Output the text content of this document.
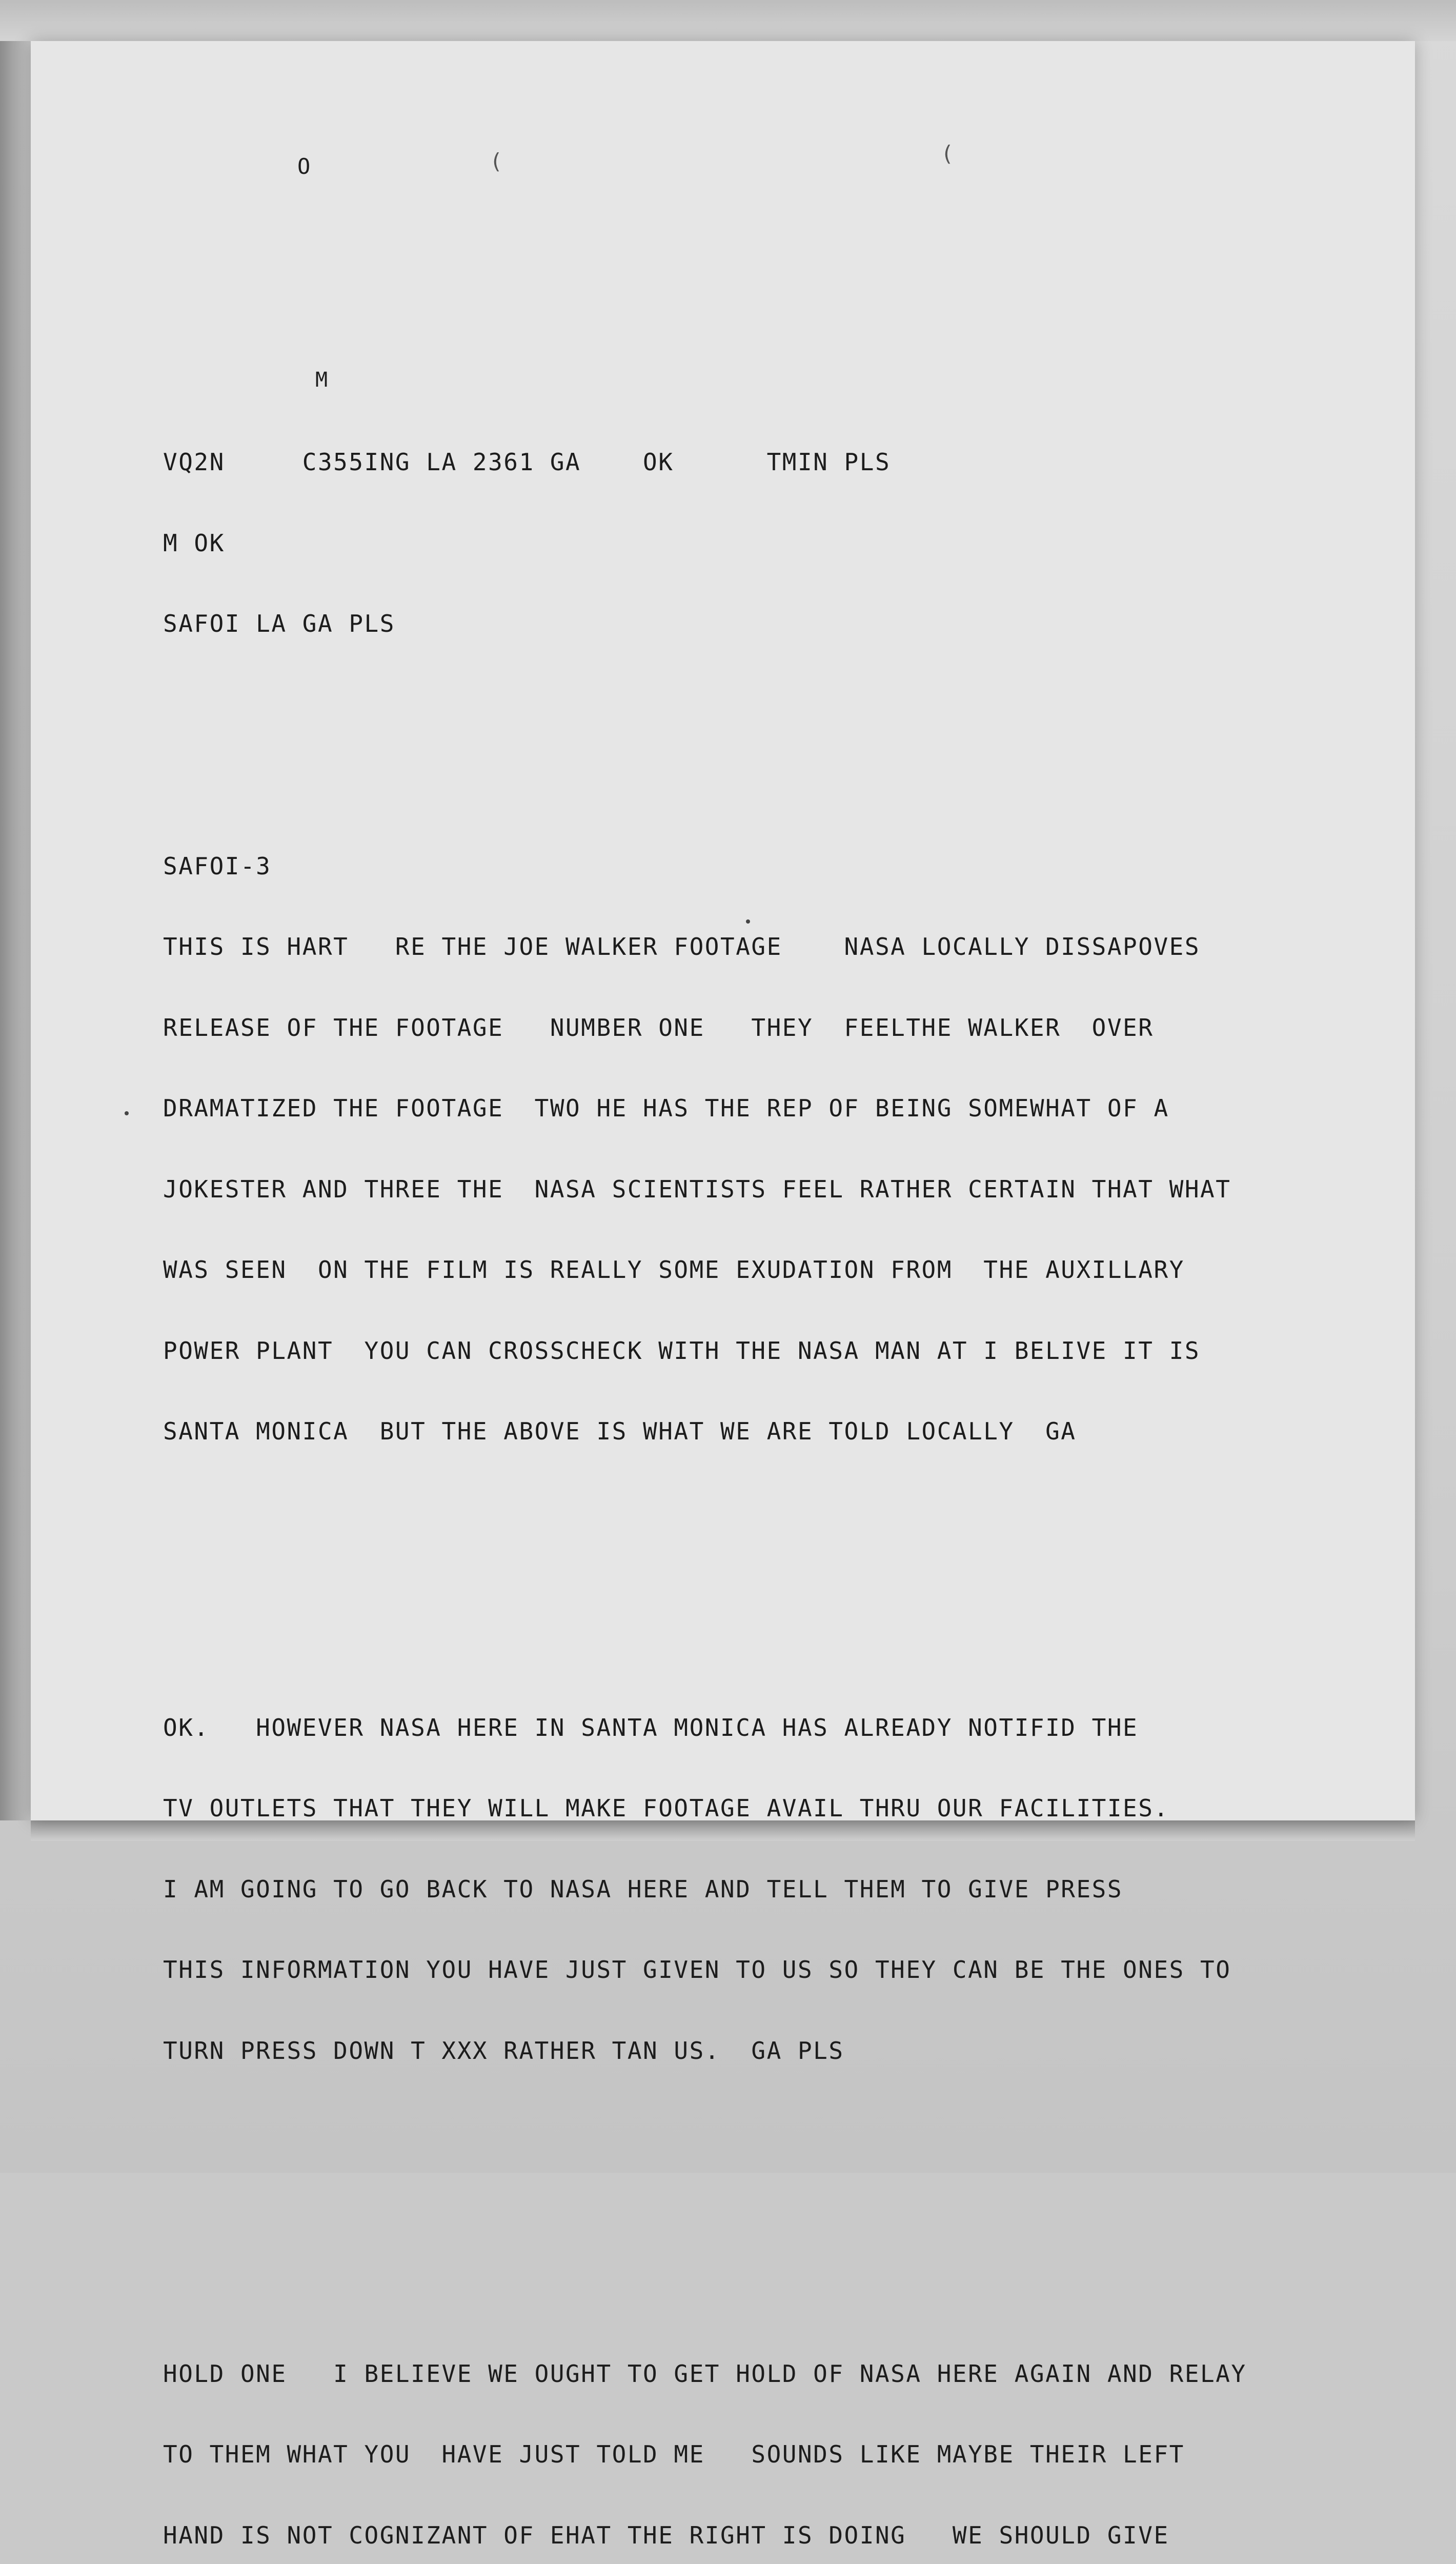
O	(	(
M

VQ2N     C355ING LA 2361 GA    OK      TMIN PLS

M OK

SAFOI LA GA PLS

SAFOI-3

THIS IS HART   RE THE JOE WALKER FOOTAGE    NASA LOCALLY DISSAPOVES

RELEASE OF THE FOOTAGE   NUMBER ONE   THEY  FEELTHE WALKER  OVER

DRAMATIZED THE FOOTAGE  TWO HE HAS THE REP OF BEING SOMEWHAT OF A

JOKESTER AND THREE THE  NASA SCIENTISTS FEEL RATHER CERTAIN THAT WHAT

WAS SEEN  ON THE FILM IS REALLY SOME EXUDATION FROM  THE AUXILLARY

POWER PLANT  YOU CAN CROSSCHECK WITH THE NASA MAN AT I BELIVE IT IS

SANTA MONICA  BUT THE ABOVE IS WHAT WE ARE TOLD LOCALLY  GA

OK.   HOWEVER NASA HERE IN SANTA MONICA HAS ALREADY NOTIFID THE

TV OUTLETS THAT THEY WILL MAKE FOOTAGE AVAIL THRU OUR FACILITIES.

I AM GOING TO GO BACK TO NASA HERE AND TELL THEM TO GIVE PRESS

THIS INFORMATION YOU HAVE JUST GIVEN TO US SO THEY CAN BE THE ONES TO

TURN PRESS DOWN T XXX RATHER TAN US.  GA PLS

HOLD ONE   I BELIEVE WE OUGHT TO GET HOLD OF NASA HERE AGAIN AND RELAY

TO THEM WHAT YOU  HAVE JUST TOLD ME   SOUNDS LIKE MAYBE THEIR LEFT

HAND IS NOT COGNIZANT OF EHAT THE RIGHT IS DOING   WE SHOULD GIVE
